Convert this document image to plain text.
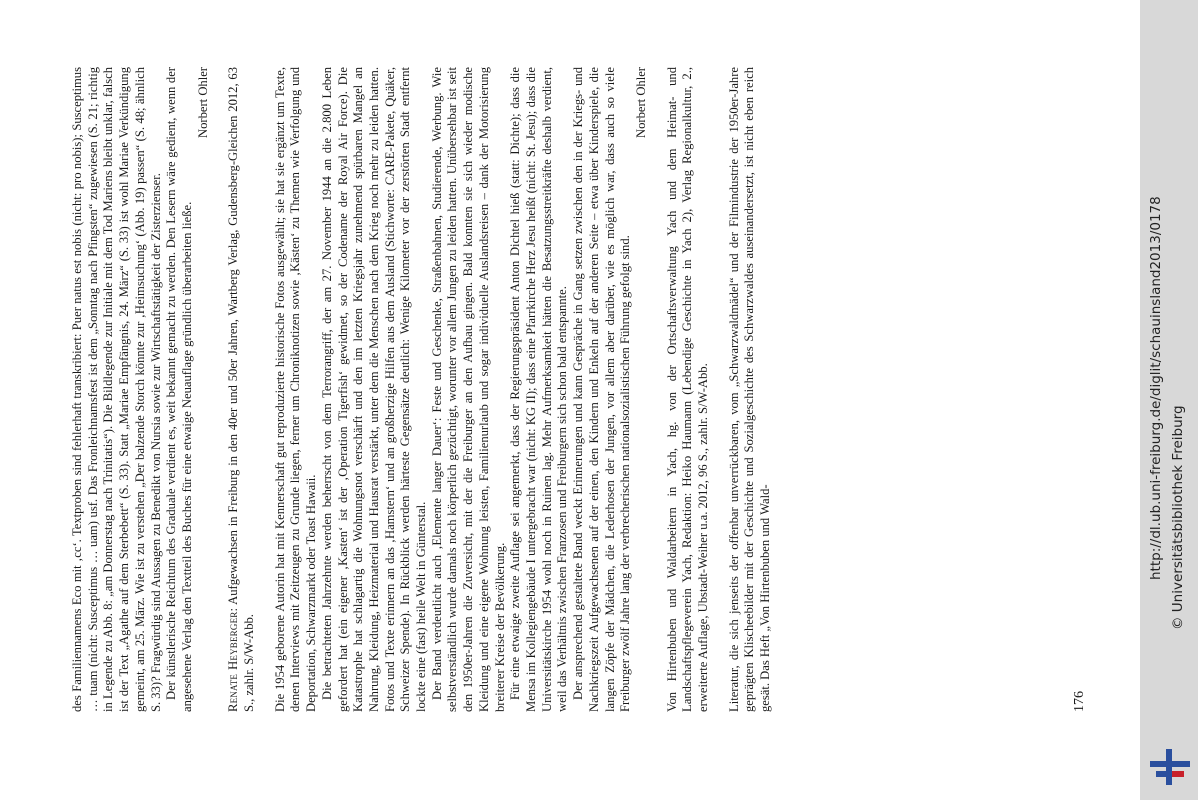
des Familiennamens Eco mit ‚cc‘. Textproben sind fehlerhaft transkribiert: Puer natus est nobis (nicht: pro nobis); Susceptimus … tuam (nicht: Susceptimus … uam) usf. Das Fronleichnamsfest ist dem „Sonntag nach Pfingsten“ zugewiesen (S. 21; richtig in Legende zu Abb. 8: „am Donnerstag nach Trinitatis“). Die Bildlegende zur Initiale mit dem Tod Mariens bleibt unklar, falsch ist der Text „Agathe auf dem Sterbebett“ (S. 33). Statt „Mariae Empfängnis, 24. März“ (S. 33) ist wohl Mariae Verkündigung gemeint, am 25. März. Wie ist zu verstehen „Der balzende Storch könnte zur ‚Heimsuchung‘ (Abb. 19) passen“ (S. 48; ähnlich S. 33)? Fragwürdig sind Aussagen zu Benedikt von Nursia sowie zur Wirtschaftstätigkeit der Zisterzienser. Der künstlerische Reichtum des Graduale verdient es, weit bekannt gemacht zu werden. Den Lesern wäre gedient, wenn der angesehene Verlag den Textteil des Buches für eine etwaige Neuauflage gründlich überarbeiten ließe.

Norbert Ohler

Renate Heyberger: Aufgewachsen in Freiburg in den 40er und 50er Jahren, Wartberg Verlag, Gudensberg-Gleichen 2012, 63 S., zahlr. S/W-Abb. Die 1954 geborene Autorin hat mit Kennerschaft gut reproduzierte historische Fotos ausgewählt; sie hat sie ergänzt um Texte, denen Interviews mit Zeitzeugen zu Grunde liegen, ferner um Chroniknotizen sowie ‚Kästen‘ zu Themen wie Verfolgung und Deportation, Schwarzmarkt oder Toast Hawaii. Die betrachteten Jahrzehnte werden beherrscht von dem Terrorangriff, der am 27. November 1944 an die 2.800 Leben gefordert hat (ein eigener ‚Kasten‘ ist der ‚Operation Tigerfish‘ gewidmet, so der Codename der Royal Air Force). Die Katastrophe hat schlagartig die Wohnungsnot verschärft und den im letzten Kriegsjahr zunehmend spürbaren Mangel an Nahrung, Kleidung, Heizmaterial und Hausrat verstärkt, unter dem die Menschen nach dem Krieg noch mehr zu leiden hatten. Fotos und Texte erinnern an das ‚Hamstern‘ und an großherzige Hilfen aus dem Ausland (Stichworte: CARE-Pakete, Quäker, Schweizer Spende). In Rückblick werden härteste Gegensätze deutlich: Wenige Kilometer vor der zerstörten Stadt entfernt lockte eine (fast) heile Welt in Günterstal. Der Band verdeutlicht auch ‚Elemente langer Dauer‘: Feste und Geschenke, Straßenbahnen, Studierende, Werbung. Wie selbstverständlich wurde damals noch körperlich gezüchtigt, worunter vor allem Jungen zu leiden hatten. Unübersehbar ist seit den 1950er-Jahren die Zuversicht, mit der die Freiburger an den Aufbau gingen. Bald konnten sie sich wieder modische Kleidung und eine eigene Wohnung leisten, Familienurlaub und sogar individuelle Auslandsreisen – dank der Motorisierung breiterer Kreise der Bevölkerung. Für eine etwaige zweite Auflage sei angemerkt, dass der Regierungspräsident Anton Dichtel hieß (statt: Dichte); dass die Mensa im Kollegiengebäude I untergebracht war (nicht: KG II); dass eine Pfarrkirche Herz Jesu heißt (nicht: St. Jesu); dass die Universitätskirche 1954 wohl noch in Ruinen lag. Mehr Aufmerksamkeit hätten die Besatzungsstreitkräfte deshalb verdient, weil das Verhältnis zwischen Franzosen und Freiburgern sich schon bald entspannte. Der ansprechend gestaltete Band weckt Erinnerungen und kann Gespräche in Gang setzen zwischen den in der Kriegs- und Nachkriegszeit Aufgewachsenen auf der einen, den Kindern und Enkeln auf der anderen Seite – etwa über Kinderspiele, die langen Zöpfe der Mädchen, die Lederhosen der Jungen, vor allem aber darüber, wie es möglich war, dass auch so viele Freiburger zwölf Jahre lang der verbrecherischen nationalsozialistischen Führung gefolgt sind.

Norbert Ohler Von Hirtenbuben und Waldarbeitern in Yach, hg. von der Ortschaftsverwaltung Yach und dem Heimat- und Landschaftspflegeverein Yach, Redaktion: Heiko Haumann (Lebendige Geschichte in Yach 2), Verlag Regionalkultur, 2., erweiterte Auflage, Ubstadt-Weiher u.a. 2012, 96 S., zahlr. S/W-Abb. Literatur, die sich jenseits der offenbar unverrückbaren, vom „Schwarzwaldmädel“ und der Filmindustrie der 1950er-Jahre geprägten Klischeebilder mit der Geschichte und Sozialgeschichte des Schwarzwaldes auseinandersetzt, ist nicht eben reich gesät. Das Heft „Von Hirtenbuben und Wald-	176
http://dl.ub.uni-freiburg.de/diglit/schauinsland2013/0178 © Universitätsbibliothek Freiburg
